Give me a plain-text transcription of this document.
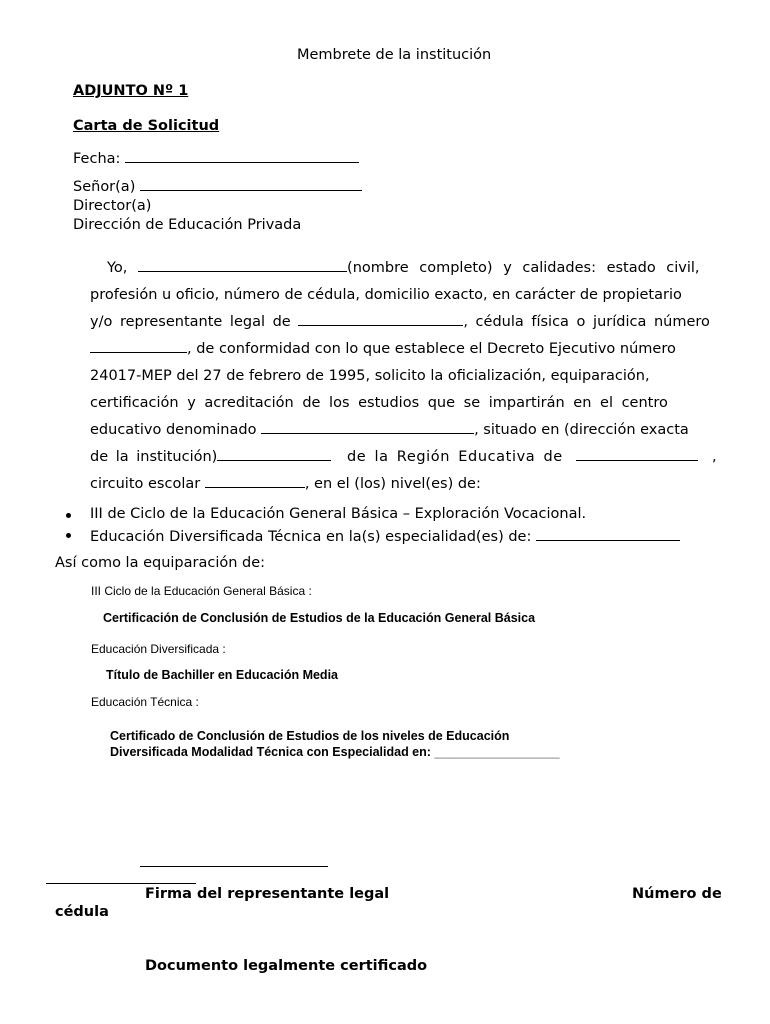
Membrete de la institución
ADJUNTO Nº 1
Carta de Solicitud
Fecha:
Señor(a)
Director(a)
Dirección de Educación Privada
Yo,	(nombre completo) y calidades: estado civil,
profesión u oficio, número de cédula, domicilio exacto, en carácter de propietario
y/o representante legal de	, cédula física o jurídica número
, de conformidad con lo que establece el Decreto Ejecutivo número
24017-MEP del 27 de febrero de 1995, solicito la oficialización, equiparación,
certificación y acreditación de los estudios que se impartirán en el centro
educativo denominado	, situado en (dirección exacta
de la institución)	de la Región Educativa de	,
circuito escolar	, en el (los) nivel(es) de:
III de Ciclo de la Educación General Básica – Exploración Vocacional.
Educación Diversificada Técnica en la(s) especialidad(es) de:
Así como la equiparación de:
III Ciclo de la Educación General Básica :
Certificación de Conclusión de Estudios de la Educación General Básica
Educación Diversificada :
Título de Bachiller en Educación Media
Educación Técnica :
Certificado de Conclusión de Estudios de los niveles de Educación
Diversificada Modalidad Técnica con Especialidad en: __________________
Firma del representante legal	Número de
cédula
Documento legalmente certificado
